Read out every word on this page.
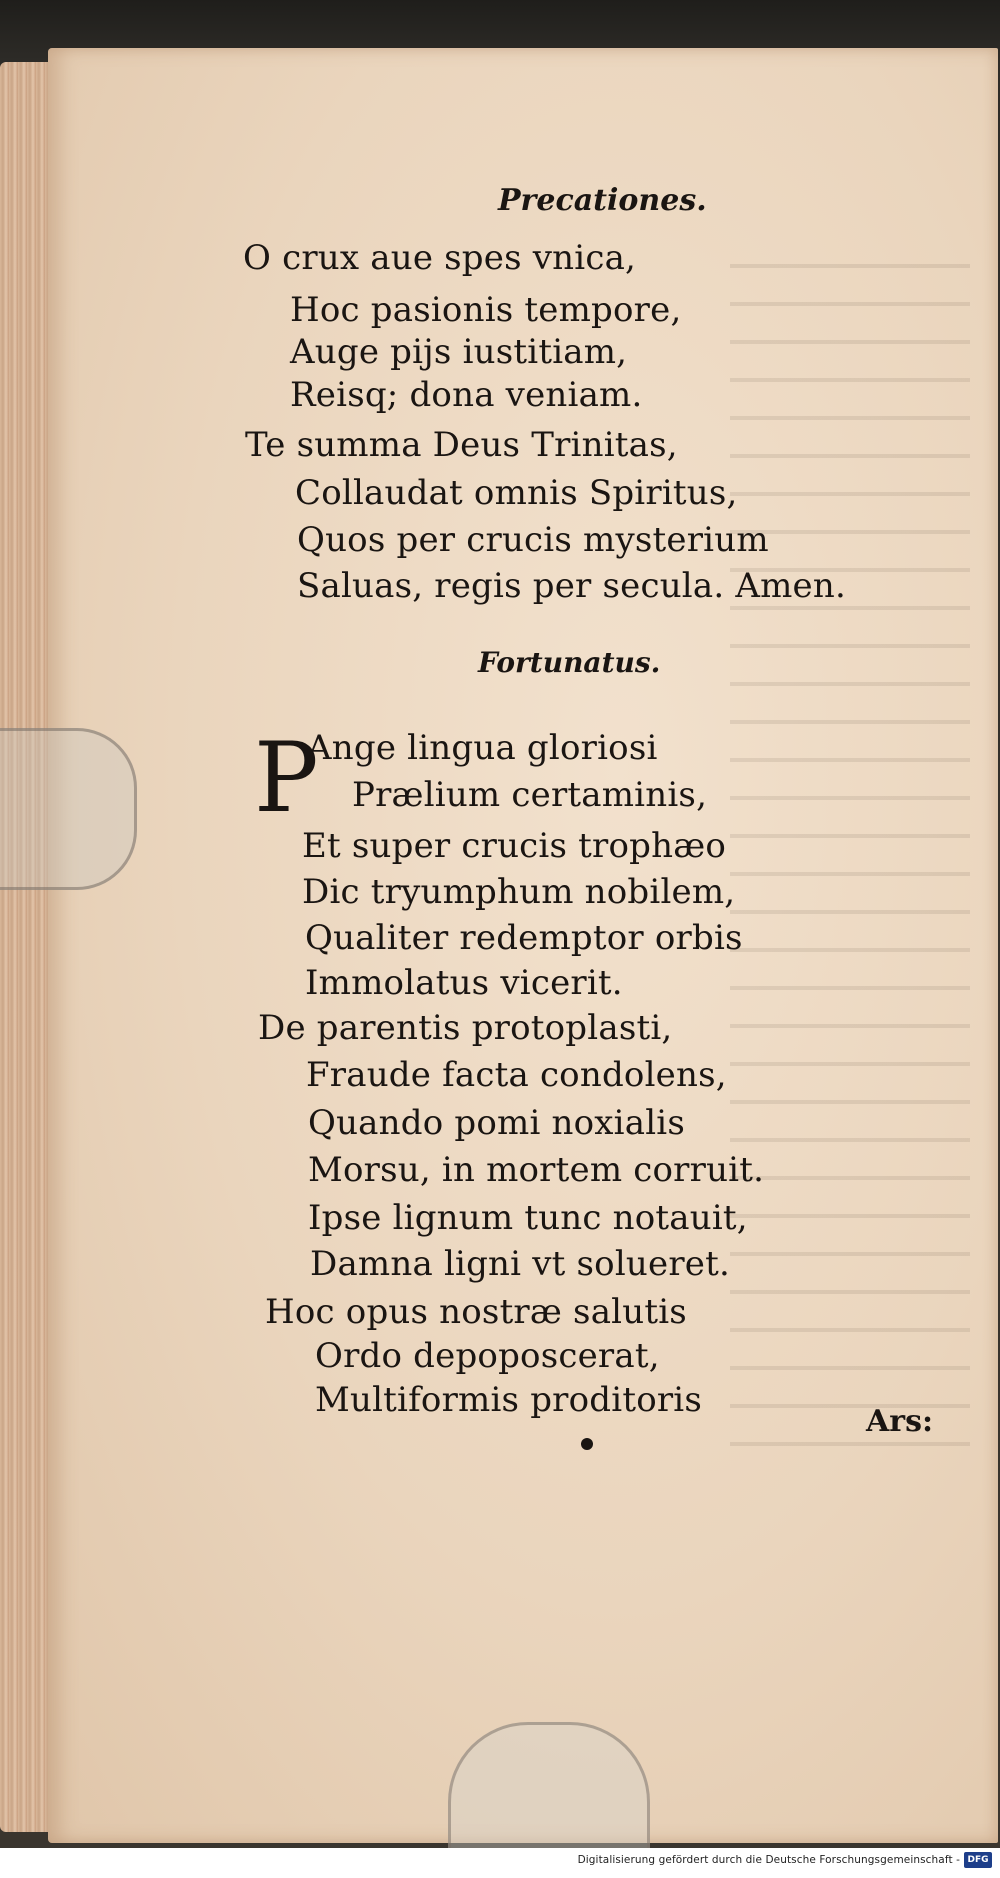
Precationes.
O crux aue spes vnica,
Hoc pasionis tempore,
Auge pijs iustitiam,
Reisq; dona veniam.
Te summa Deus Trinitas,
Collaudat omnis Spiritus,
Quos per crucis mysterium
Saluas, regis per secula. Amen.
Fortunatus.
P
Ange lingua gloriosi
Prælium certaminis,
Et super crucis trophæo
Dic tryumphum nobilem,
Qualiter redemptor orbis
Immolatus vicerit.
De parentis protoplasti,
Fraude facta condolens,
Quando pomi noxialis
Morsu, in mortem corruit.
Ipse lignum tunc notauit,
Damna ligni vt solueret.
Hoc opus nostræ salutis
Ordo depoposcerat,
Multiformis proditoris
Ars:
Digitalisierung gefördert durch die Deutsche Forschungsgemeinschaft - DFG
